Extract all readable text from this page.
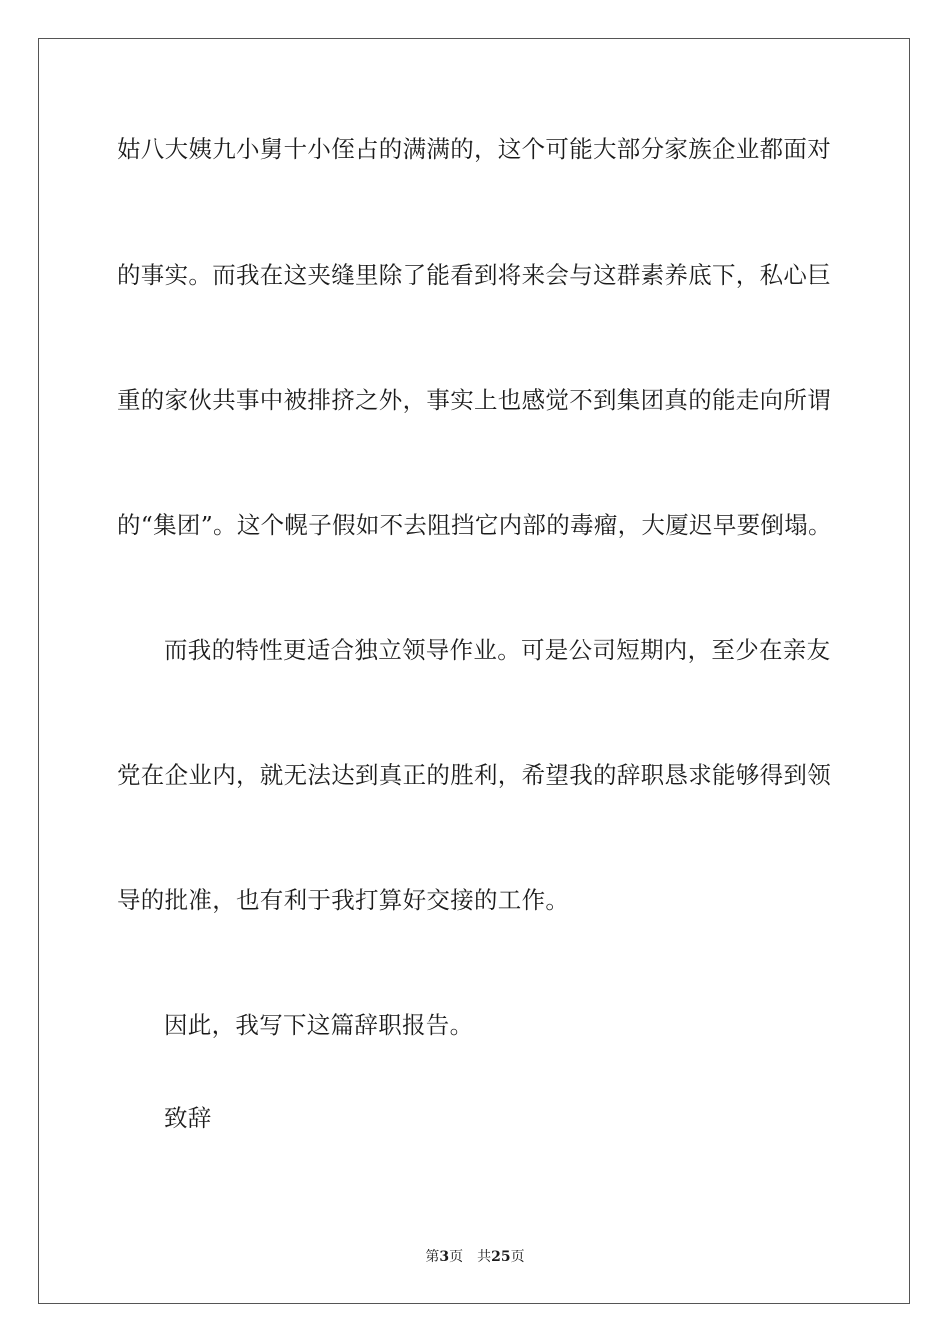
姑八大姨九小舅十小侄占的满满的，这个可能大部分家族企业都面对
的事实。而我在这夹缝里除了能看到将来会与这群素养底下，私心巨
重的家伙共事中被排挤之外，事实上也感觉不到集团真的能走向所谓
的“集团”。这个幌子假如不去阻挡它内部的毒瘤，大厦迟早要倒塌。
而我的特性更适合独立领导作业。可是公司短期内，至少在亲友
党在企业内，就无法达到真正的胜利，希望我的辞职恳求能够得到领
导的批准，也有利于我打算好交接的工作。
因此，我写下这篇辞职报告。
致辞
第3页 共25页
